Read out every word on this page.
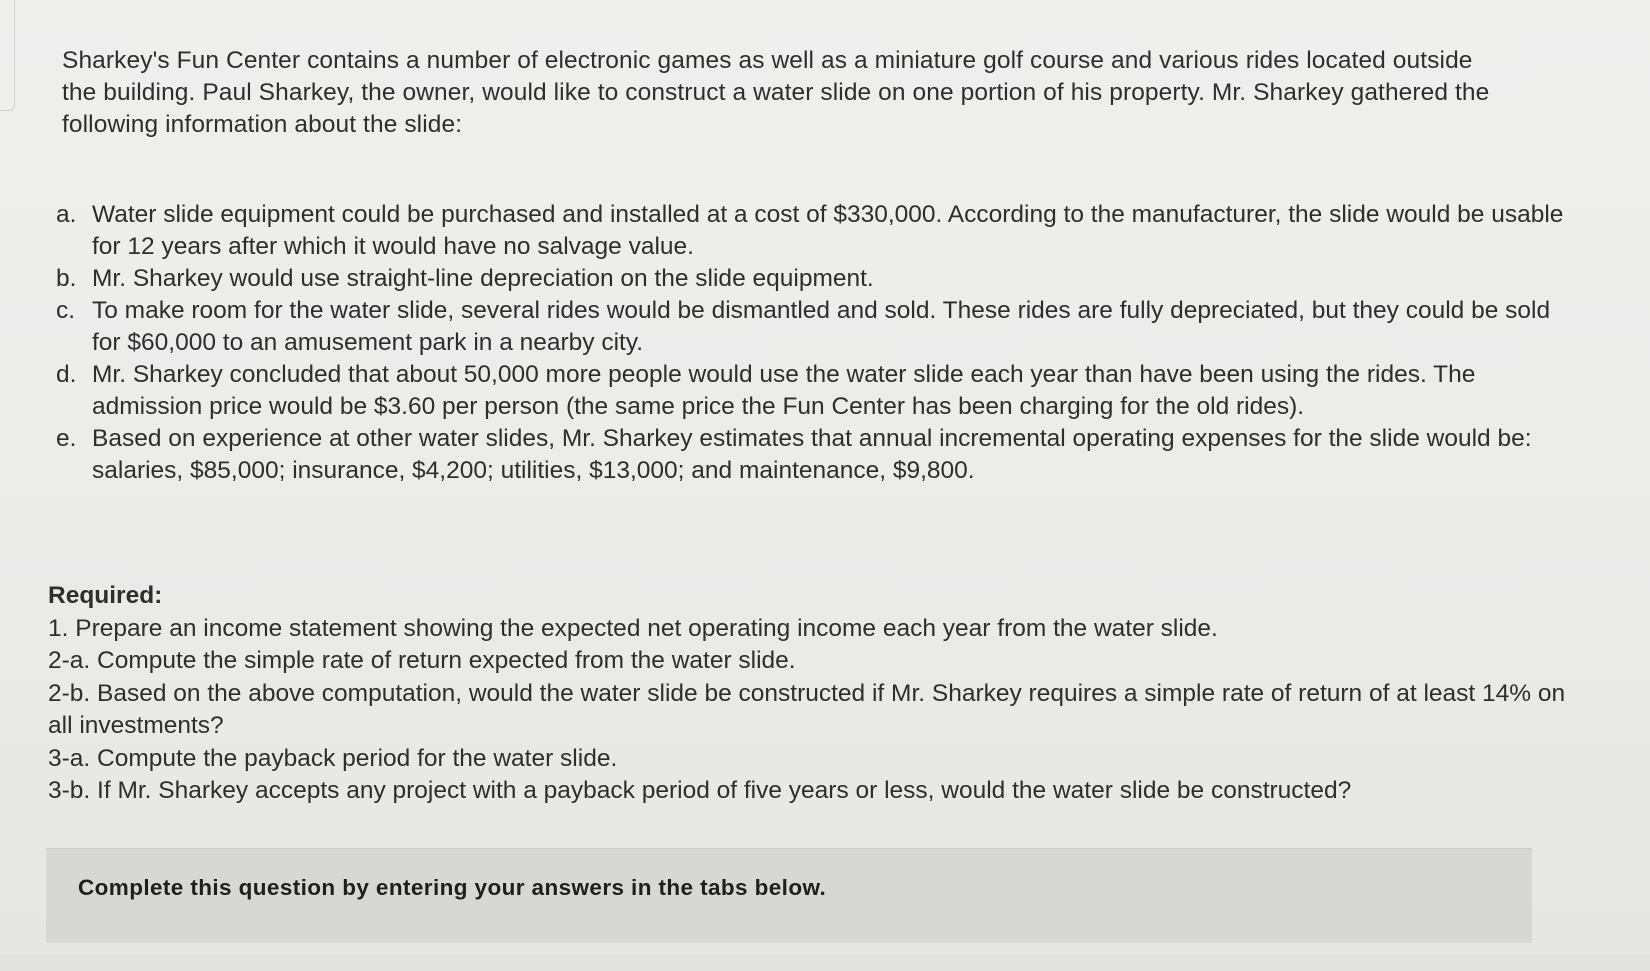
Sharkey's Fun Center contains a number of electronic games as well as a miniature golf course and various rides located outside the building. Paul Sharkey, the owner, would like to construct a water slide on one portion of his property. Mr. Sharkey gathered the following information about the slide:

a. Water slide equipment could be purchased and installed at a cost of $330,000. According to the manufacturer, the slide would be usable for 12 years after which it would have no salvage value.
b. Mr. Sharkey would use straight-line depreciation on the slide equipment.
c. To make room for the water slide, several rides would be dismantled and sold. These rides are fully depreciated, but they could be sold for $60,000 to an amusement park in a nearby city.
d. Mr. Sharkey concluded that about 50,000 more people would use the water slide each year than have been using the rides. The admission price would be $3.60 per person (the same price the Fun Center has been charging for the old rides).
e. Based on experience at other water slides, Mr. Sharkey estimates that annual incremental operating expenses for the slide would be: salaries, $85,000; insurance, $4,200; utilities, $13,000; and maintenance, $9,800.
Required:
1. Prepare an income statement showing the expected net operating income each year from the water slide.
2-a. Compute the simple rate of return expected from the water slide.
2-b. Based on the above computation, would the water slide be constructed if Mr. Sharkey requires a simple rate of return of at least 14% on all investments?
3-a. Compute the payback period for the water slide.
3-b. If Mr. Sharkey accepts any project with a payback period of five years or less, would the water slide be constructed?
Complete this question by entering your answers in the tabs below.
